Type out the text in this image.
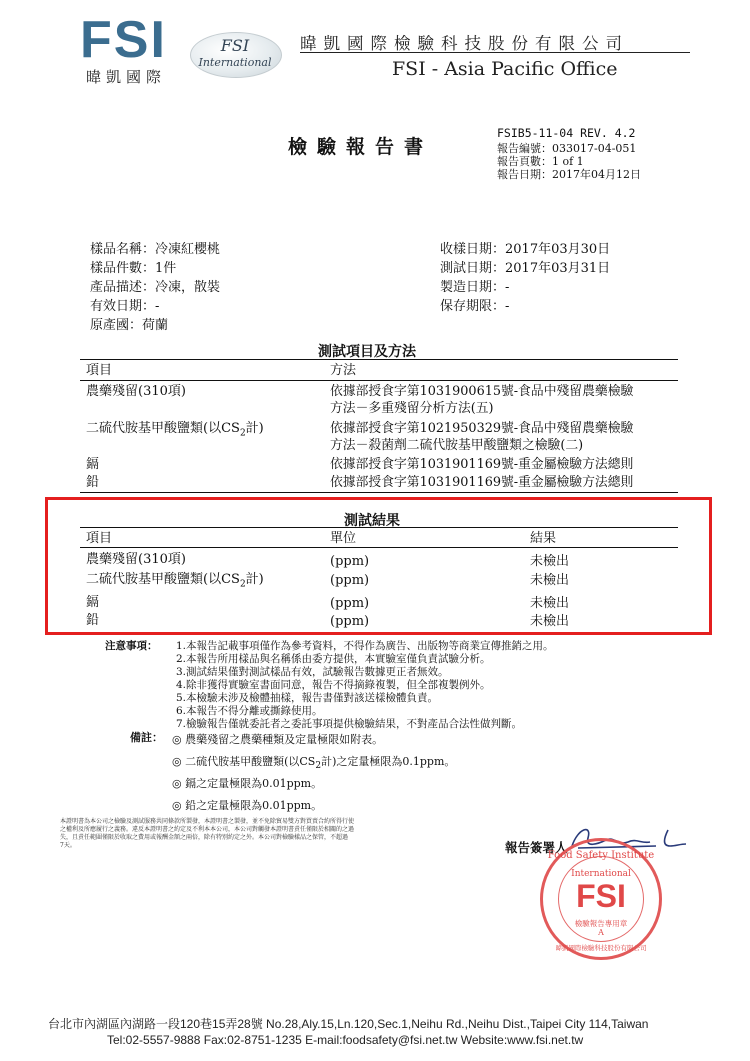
FSI
暐凱國際
FSI
International
暐凱國際檢驗科技股份有限公司
FSI - Asia Pacific Office
檢驗報告書
FSIB5-11-04 REV. 4.2
報告編號：033017-04-051
報告頁數：1 of 1
報告日期：2017年04月12日
樣品名稱：冷凍紅櫻桃
樣品件數：1件
產品描述：冷凍，散裝
有效日期：-
原產國：荷蘭
收樣日期：2017年03月30日
測試日期：2017年03月31日
製造日期：-
保存期限：-
測試項目及方法
項目	方法
農藥殘留(310項)	依據部授食字第1031900615號-食品中殘留農藥檢驗
方法－多重殘留分析方法(五)
二硫代胺基甲酸鹽類(以$CS_2$計)	依據部授食字第1021950329號-食品中殘留農藥檢驗
方法－殺菌劑二硫代胺基甲酸鹽類之檢驗(二)
鎘	依據部授食字第1031901169號-重金屬檢驗方法總則
鉛	依據部授食字第1031901169號-重金屬檢驗方法總則
測試結果
項目	單位	結果
農藥殘留(310項)	(ppm)	未檢出
二硫代胺基甲酸鹽類(以$CS_2$計)	(ppm)	未檢出
鎘	(ppm)	未檢出
鉛	(ppm)	未檢出
注意事項： 1.本報告記載事項僅作為參考資料，不得作為廣告、出版物等商業宣傳推銷之用。
2.本報告所用樣品與名稱係由委方提供，本實驗室僅負責試驗分析。
3.測試結果僅對測試樣品有效，試驗報告數據更正者無效。
4.除非獲得實驗室書面同意，報告不得摘錄複製，但全部複製例外。
5.本檢驗未涉及檢體抽樣，報告書僅對該送樣檢體負責。
6.本報告不得分離或撕錄使用。
7.檢驗報告僅就委託者之委託事項提供檢驗結果，不對產品合法性做判斷。
備註： ◎ 農藥殘留之農藥種類及定量極限如附表。
◎ 二硫代胺基甲酸鹽類(以$CS_2$計)之定量極限為0.1ppm。
◎ 鎘之定量極限為0.01ppm。
◎ 鉛之定量極限為0.01ppm。
本證明書為本公司之檢驗及測試服務共同條款所製發，本證明書之製發，並不免除貿易雙方對買賣合約所得行使
之權利及所應履行之義務。違反本證明書之約定及不利本本公司，本公司對觸發本證明書責任僅限於相關的之過
失，且責任範圍僅限於收取之費用或報酬金額之兩倍，除有特別約定之外。本公司對檢驗樣品之保管，不超過
7天。	報告簽署人
Food Safety Institute
International
FSI
檢驗報告專用章
A
暐凱國際檢驗科技股份有限公司
台北市內湖區內湖路一段120巷15弄28號 No.28,Aly.15,Ln.120,Sec.1,Neihu Rd.,Neihu Dist.,Taipei City 114,Taiwan
Tel:02-5557-9888 Fax:02-8751-1235 E-mail:foodsafety@fsi.net.tw Website:www.fsi.net.tw
